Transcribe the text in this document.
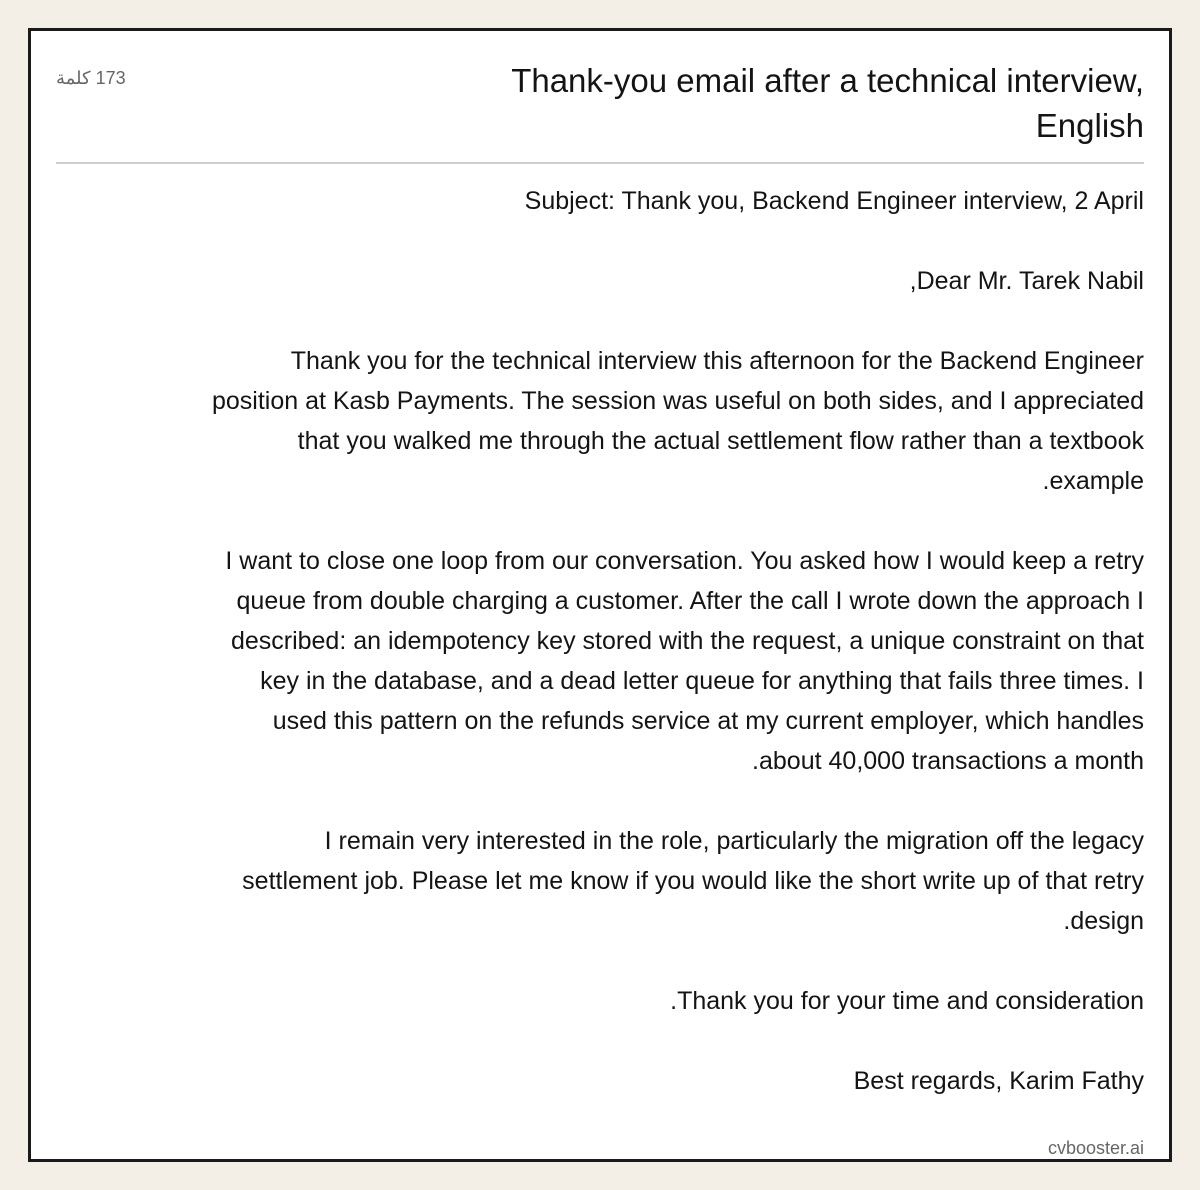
Thank-you email after a technical interview, English
173 كلمة

Subject: Thank you, Backend Engineer interview, 2 April

Dear Mr. Tarek Nabil,

Thank you for the technical interview this afternoon for the Backend Engineer position at Kasb Payments. The session was useful on both sides, and I appreciated that you walked me through the actual settlement flow rather than a textbook example.

I want to close one loop from our conversation. You asked how I would keep a retry queue from double charging a customer. After the call I wrote down the approach I described: an idempotency key stored with the request, a unique constraint on that key in the database, and a dead letter queue for anything that fails three times. I used this pattern on the refunds service at my current employer, which handles about 40,000 transactions a month.

I remain very interested in the role, particularly the migration off the legacy settlement job. Please let me know if you would like the short write up of that retry design.

Thank you for your time and consideration.

Best regards, Karim Fathy

cvbooster.ai
